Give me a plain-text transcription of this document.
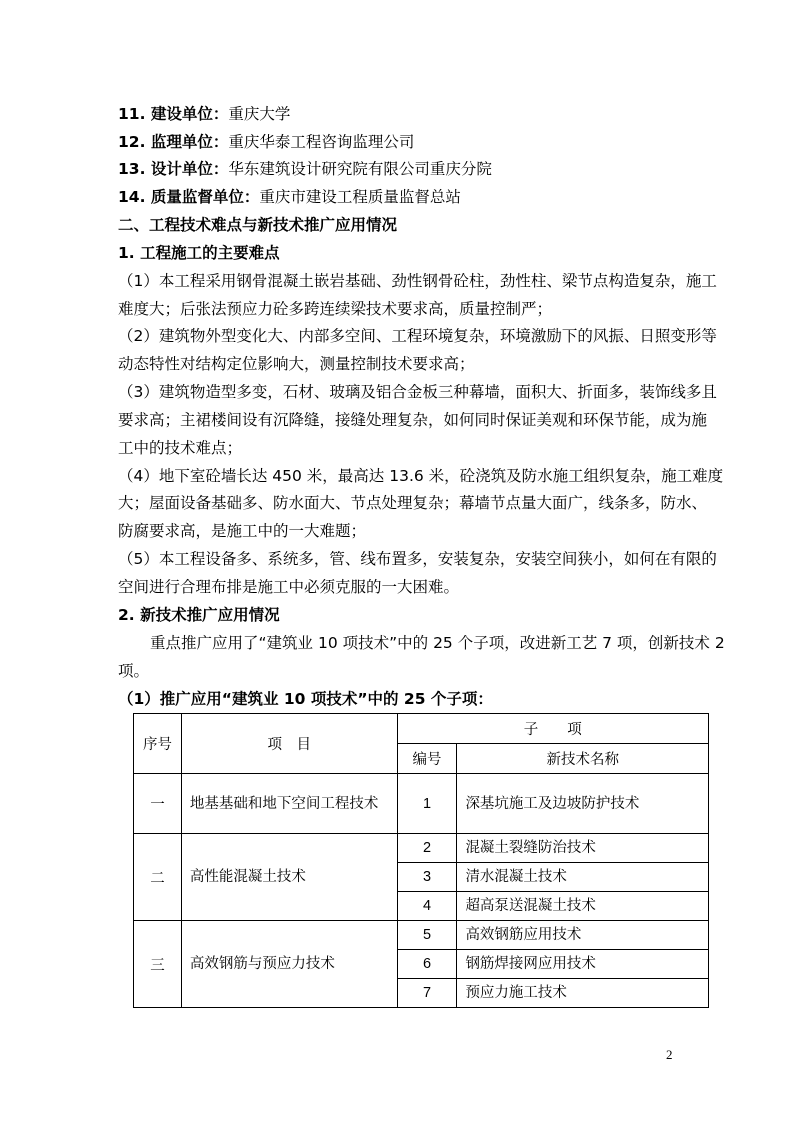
11. 建设单位：重庆大学
12. 监理单位：重庆华泰工程咨询监理公司
13. 设计单位：华东建筑设计研究院有限公司重庆分院
14. 质量监督单位：重庆市建设工程质量监督总站
二、工程技术难点与新技术推广应用情况
1. 工程施工的主要难点
（1）本工程采用钢骨混凝土嵌岩基础、劲性钢骨砼柱，劲性柱、梁节点构造复杂，施工
难度大；后张法预应力砼多跨连续梁技术要求高，质量控制严；
（2）建筑物外型变化大、内部多空间、工程环境复杂，环境激励下的风振、日照变形等
动态特性对结构定位影响大，测量控制技术要求高；
（3）建筑物造型多变，石材、玻璃及铝合金板三种幕墙，面积大、折面多，装饰线多且
要求高；主裙楼间设有沉降缝，接缝处理复杂，如何同时保证美观和环保节能，成为施
工中的技术难点；
（4）地下室砼墙长达 450 米，最高达 13.6 米，砼浇筑及防水施工组织复杂，施工难度
大；屋面设备基础多、防水面大、节点处理复杂；幕墙节点量大面广，线条多，防水、
防腐要求高，是施工中的一大难题；
（5）本工程设备多、系统多，管、线布置多，安装复杂，安装空间狭小，如何在有限的
空间进行合理布排是施工中必须克服的一大困难。
2. 新技术推广应用情况
重点推广应用了“建筑业 10 项技术”中的 25 个子项，改进新工艺 7 项，创新技术 2
项。
（1）推广应用“建筑业 10 项技术”中的 25 个子项：
序号	项　目	子　　项	
		编号	新技术名称
一	地基基础和地下空间工程技术	1	深基坑施工及边坡防护技术
二	高性能混凝土技术	2	混凝土裂缝防治技术
		3	清水混凝土技术
		4	超高泵送混凝土技术
三	高效钢筋与预应力技术	5	高效钢筋应用技术
		6	钢筋焊接网应用技术
		7	预应力施工技术
2
